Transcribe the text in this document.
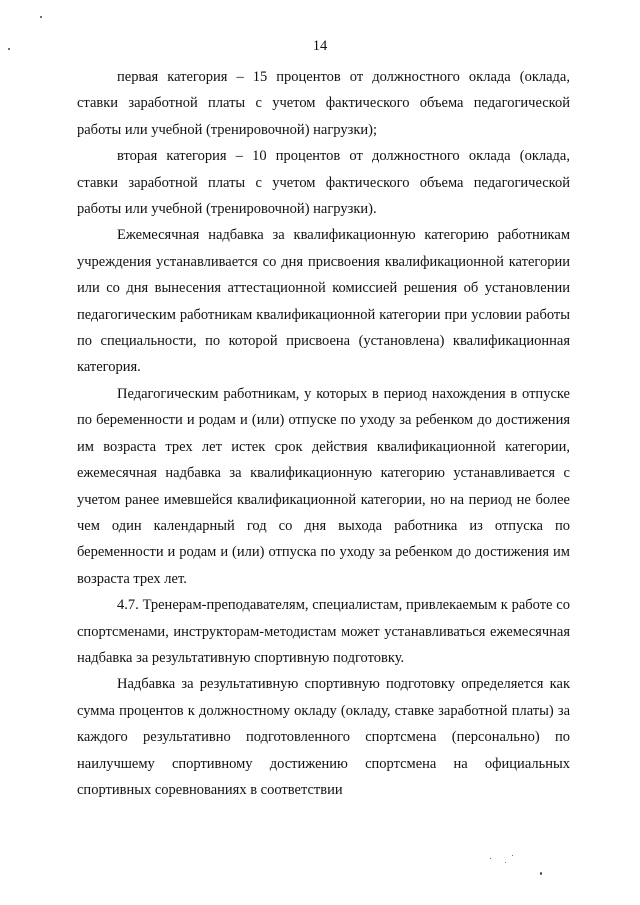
14

первая категория – 15 процентов от должностного оклада (оклада, ставки заработной платы с учетом фактического объема педагогической работы или учебной (тренировочной) нагрузки);

вторая категория – 10 процентов от должностного оклада (оклада, ставки заработной платы с учетом фактического объема педагогической работы или учебной (тренировочной) нагрузки).

Ежемесячная надбавка за квалификационную категорию работникам учреждения устанавливается со дня присвоения квалификационной категории или со дня вынесения аттестационной комиссией решения об установлении педагогическим работникам квалификационной категории при условии работы по специальности, по которой присвоена (установлена) квалификационная категория.

Педагогическим работникам, у которых в период нахождения в отпуске по беременности и родам и (или) отпуске по уходу за ребенком до достижения им возраста трех лет истек срок действия квалификационной категории, ежемесячная надбавка за квалификационную категорию устанавливается с учетом ранее имевшейся квалификационной категории, но на период не более чем один календарный год со дня выхода работника из отпуска по беременности и родам и (или) отпуска по уходу за ребенком до достижения им возраста трех лет.

4.7. Тренерам-преподавателям, специалистам, привлекаемым к работе со спортсменами, инструкторам-методистам может устанавливаться ежемесячная надбавка за результативную спортивную подготовку.

Надбавка за результативную спортивную подготовку определяется как сумма процентов к должностному окладу (окладу, ставке заработной платы) за каждого результативно подготовленного спортсмена (персонально) по наилучшему спортивному достижению спортсмена на официальных спортивных соревнованиях в соответствии
